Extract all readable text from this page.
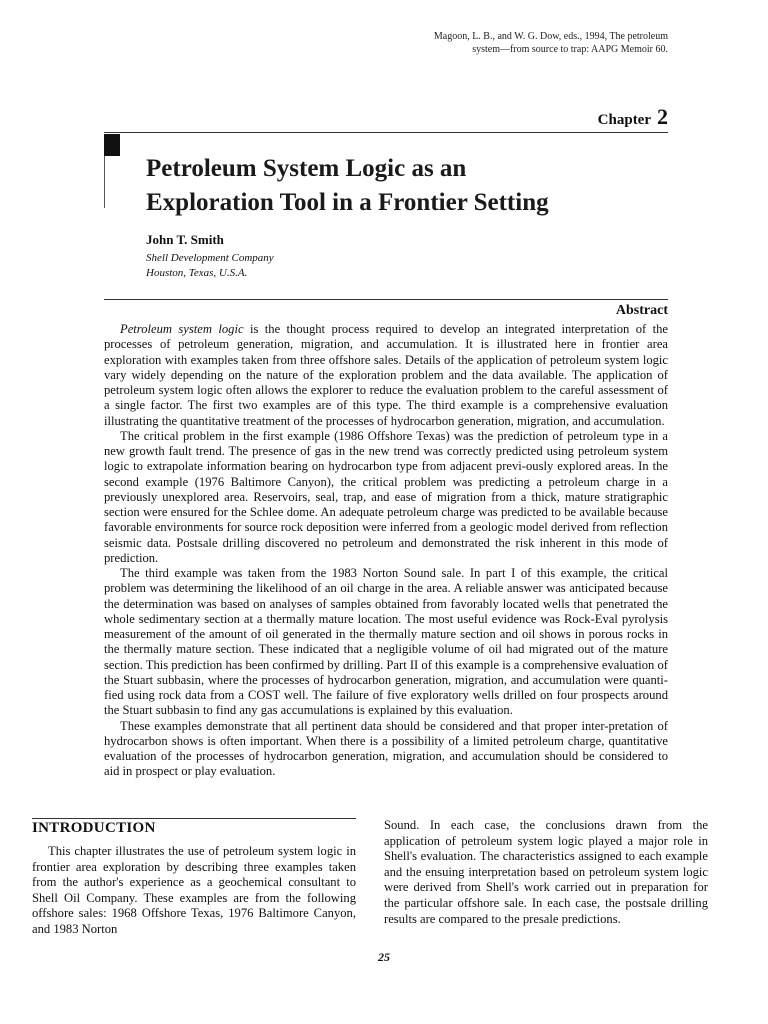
Magoon, L. B., and W. G. Dow, eds., 1994, The petroleum
system—from source to trap: AAPG Memoir 60.
Chapter 2
Petroleum System Logic as an
Exploration Tool in a Frontier Setting
John T. Smith
Shell Development Company
Houston, Texas, U.S.A.
Abstract

Petroleum system logic is the thought process required to develop an integrated interpretation of the processes of petroleum generation, migration, and accumulation. It is illustrated here in frontier area exploration with examples taken from three offshore sales. Details of the application of petroleum system logic vary widely depending on the nature of the exploration problem and the data available. The application of petroleum system logic often allows the explorer to reduce the evaluation problem to the careful assessment of a single factor. The first two examples are of this type. The third example is a comprehensive evaluation illustrating the quantitative treatment of the processes of hydrocarbon generation, migration, and accumulation.

The critical problem in the first example (1986 Offshore Texas) was the prediction of petroleum type in a new growth fault trend. The presence of gas in the new trend was correctly predicted using petroleum system logic to extrapolate information bearing on hydrocarbon type from adjacent previ-ously explored areas. In the second example (1976 Baltimore Canyon), the critical problem was predicting a petroleum charge in a previously unexplored area. Reservoirs, seal, trap, and ease of migration from a thick, mature stratigraphic section were ensured for the Schlee dome. An adequate petroleum charge was predicted to be available because favorable environments for source rock deposition were inferred from a geologic model derived from reflection seismic data. Postsale drilling discovered no petroleum and demonstrated the risk inherent in this mode of prediction.

The third example was taken from the 1983 Norton Sound sale. In part I of this example, the critical problem was determining the likelihood of an oil charge in the area. A reliable answer was anticipated because the determination was based on analyses of samples obtained from favorably located wells that penetrated the whole sedimentary section at a thermally mature location. The most useful evidence was Rock-Eval pyrolysis measurement of the amount of oil generated in the thermally mature section and oil shows in porous rocks in the thermally mature section. These indicated that a negligible volume of oil had migrated out of the mature section. This prediction has been confirmed by drilling. Part II of this example is a comprehensive evaluation of the Stuart subbasin, where the processes of hydrocarbon generation, migration, and accumulation were quanti-fied using rock data from a COST well. The failure of five exploratory wells drilled on four prospects around the Stuart subbasin to find any gas accumulations is explained by this evaluation.

These examples demonstrate that all pertinent data should be considered and that proper inter-pretation of hydrocarbon shows is often important. When there is a possibility of a limited petroleum charge, quantitative evaluation of the processes of hydrocarbon generation, migration, and accumulation should be considered to aid in prospect or play evaluation.

INTRODUCTION

This chapter illustrates the use of petroleum system logic in frontier area exploration by describing three examples taken from the author's experience as a geochemical consultant to Shell Oil Company. These examples are from the following offshore sales: 1968 Offshore Texas, 1976 Baltimore Canyon, and 1983 Norton

Sound. In each case, the conclusions drawn from the application of petroleum system logic played a major role in Shell's evaluation. The characteristics assigned to each example and the ensuing interpretation based on petroleum system logic were derived from Shell's work carried out in preparation for the particular offshore sale. In each case, the postsale drilling results are compared to the presale predictions.

25
